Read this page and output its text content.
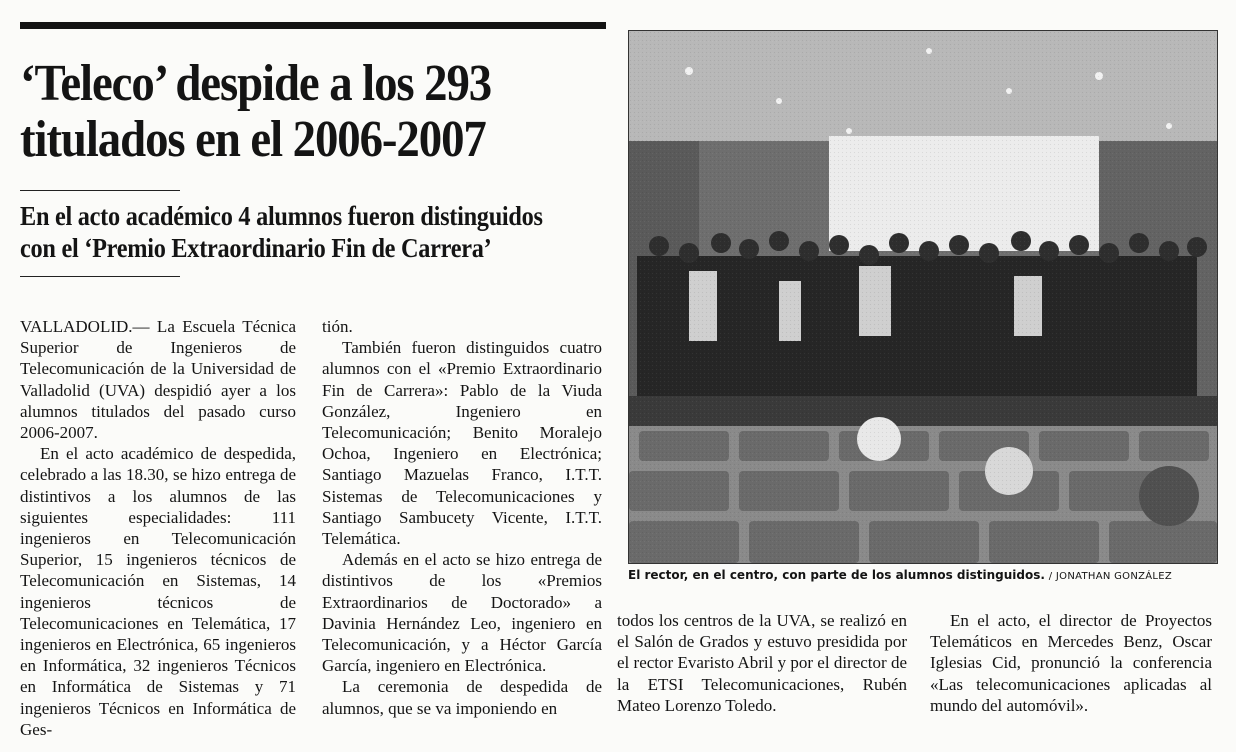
‘Teleco’ despide a los 293
titulados en el 2006-2007
En el acto académico 4 alumnos fueron distinguidos
con el ‘Premio Extraordinario Fin de Carrera’

VALLADOLID.— La Escuela Técnica Superior de Ingenieros de Telecomunicación de la Universidad de Valladolid (UVA) despidió ayer a los alumnos titulados del pasado curso 2006-2007.

En el acto académico de despedida, celebrado a las 18.30, se hizo entrega de distintivos a los alumnos de las siguientes especialidades: 111 ingenieros en Telecomunicación Superior, 15 ingenieros técnicos de Telecomunicación en Sistemas, 14 ingenieros técnicos de Telecomunicaciones en Telemática, 17 ingenieros en Electrónica, 65 ingenieros en Informática, 32 ingenieros Técnicos en Informática de Sistemas y 71 ingenieros Técnicos en Informática de Ges-

tión.

También fueron distinguidos cuatro alumnos con el «Premio Extraordinario Fin de Carrera»: Pablo de la Viuda González, Ingeniero en Telecomunicación; Benito Moralejo Ochoa, Ingeniero en Electrónica; Santiago Mazuelas Franco, I.T.T. Sistemas de Telecomunicaciones y Santiago Sambucety Vicente, I.T.T. Telemática.

Además en el acto se hizo entrega de distintivos de los «Premios Extraordinarios de Doctorado» a Davinia Hernández Leo, ingeniero en Telecomunicación, y a Héctor García García, ingeniero en Electrónica.

La ceremonia de despedida de alumnos, que se va imponiendo en

El rector, en el centro, con parte de los alumnos distinguidos. / JONATHAN GONZÁLEZ

todos los centros de la UVA, se realizó en el Salón de Grados y estuvo presidida por el rector Evaristo Abril y por el director de la ETSI Telecomunicaciones, Rubén Mateo Lorenzo Toledo.

En el acto, el director de Proyectos Telemáticos en Mercedes Benz, Oscar Iglesias Cid, pronunció la conferencia «Las telecomunicaciones aplicadas al mundo del automóvil».
